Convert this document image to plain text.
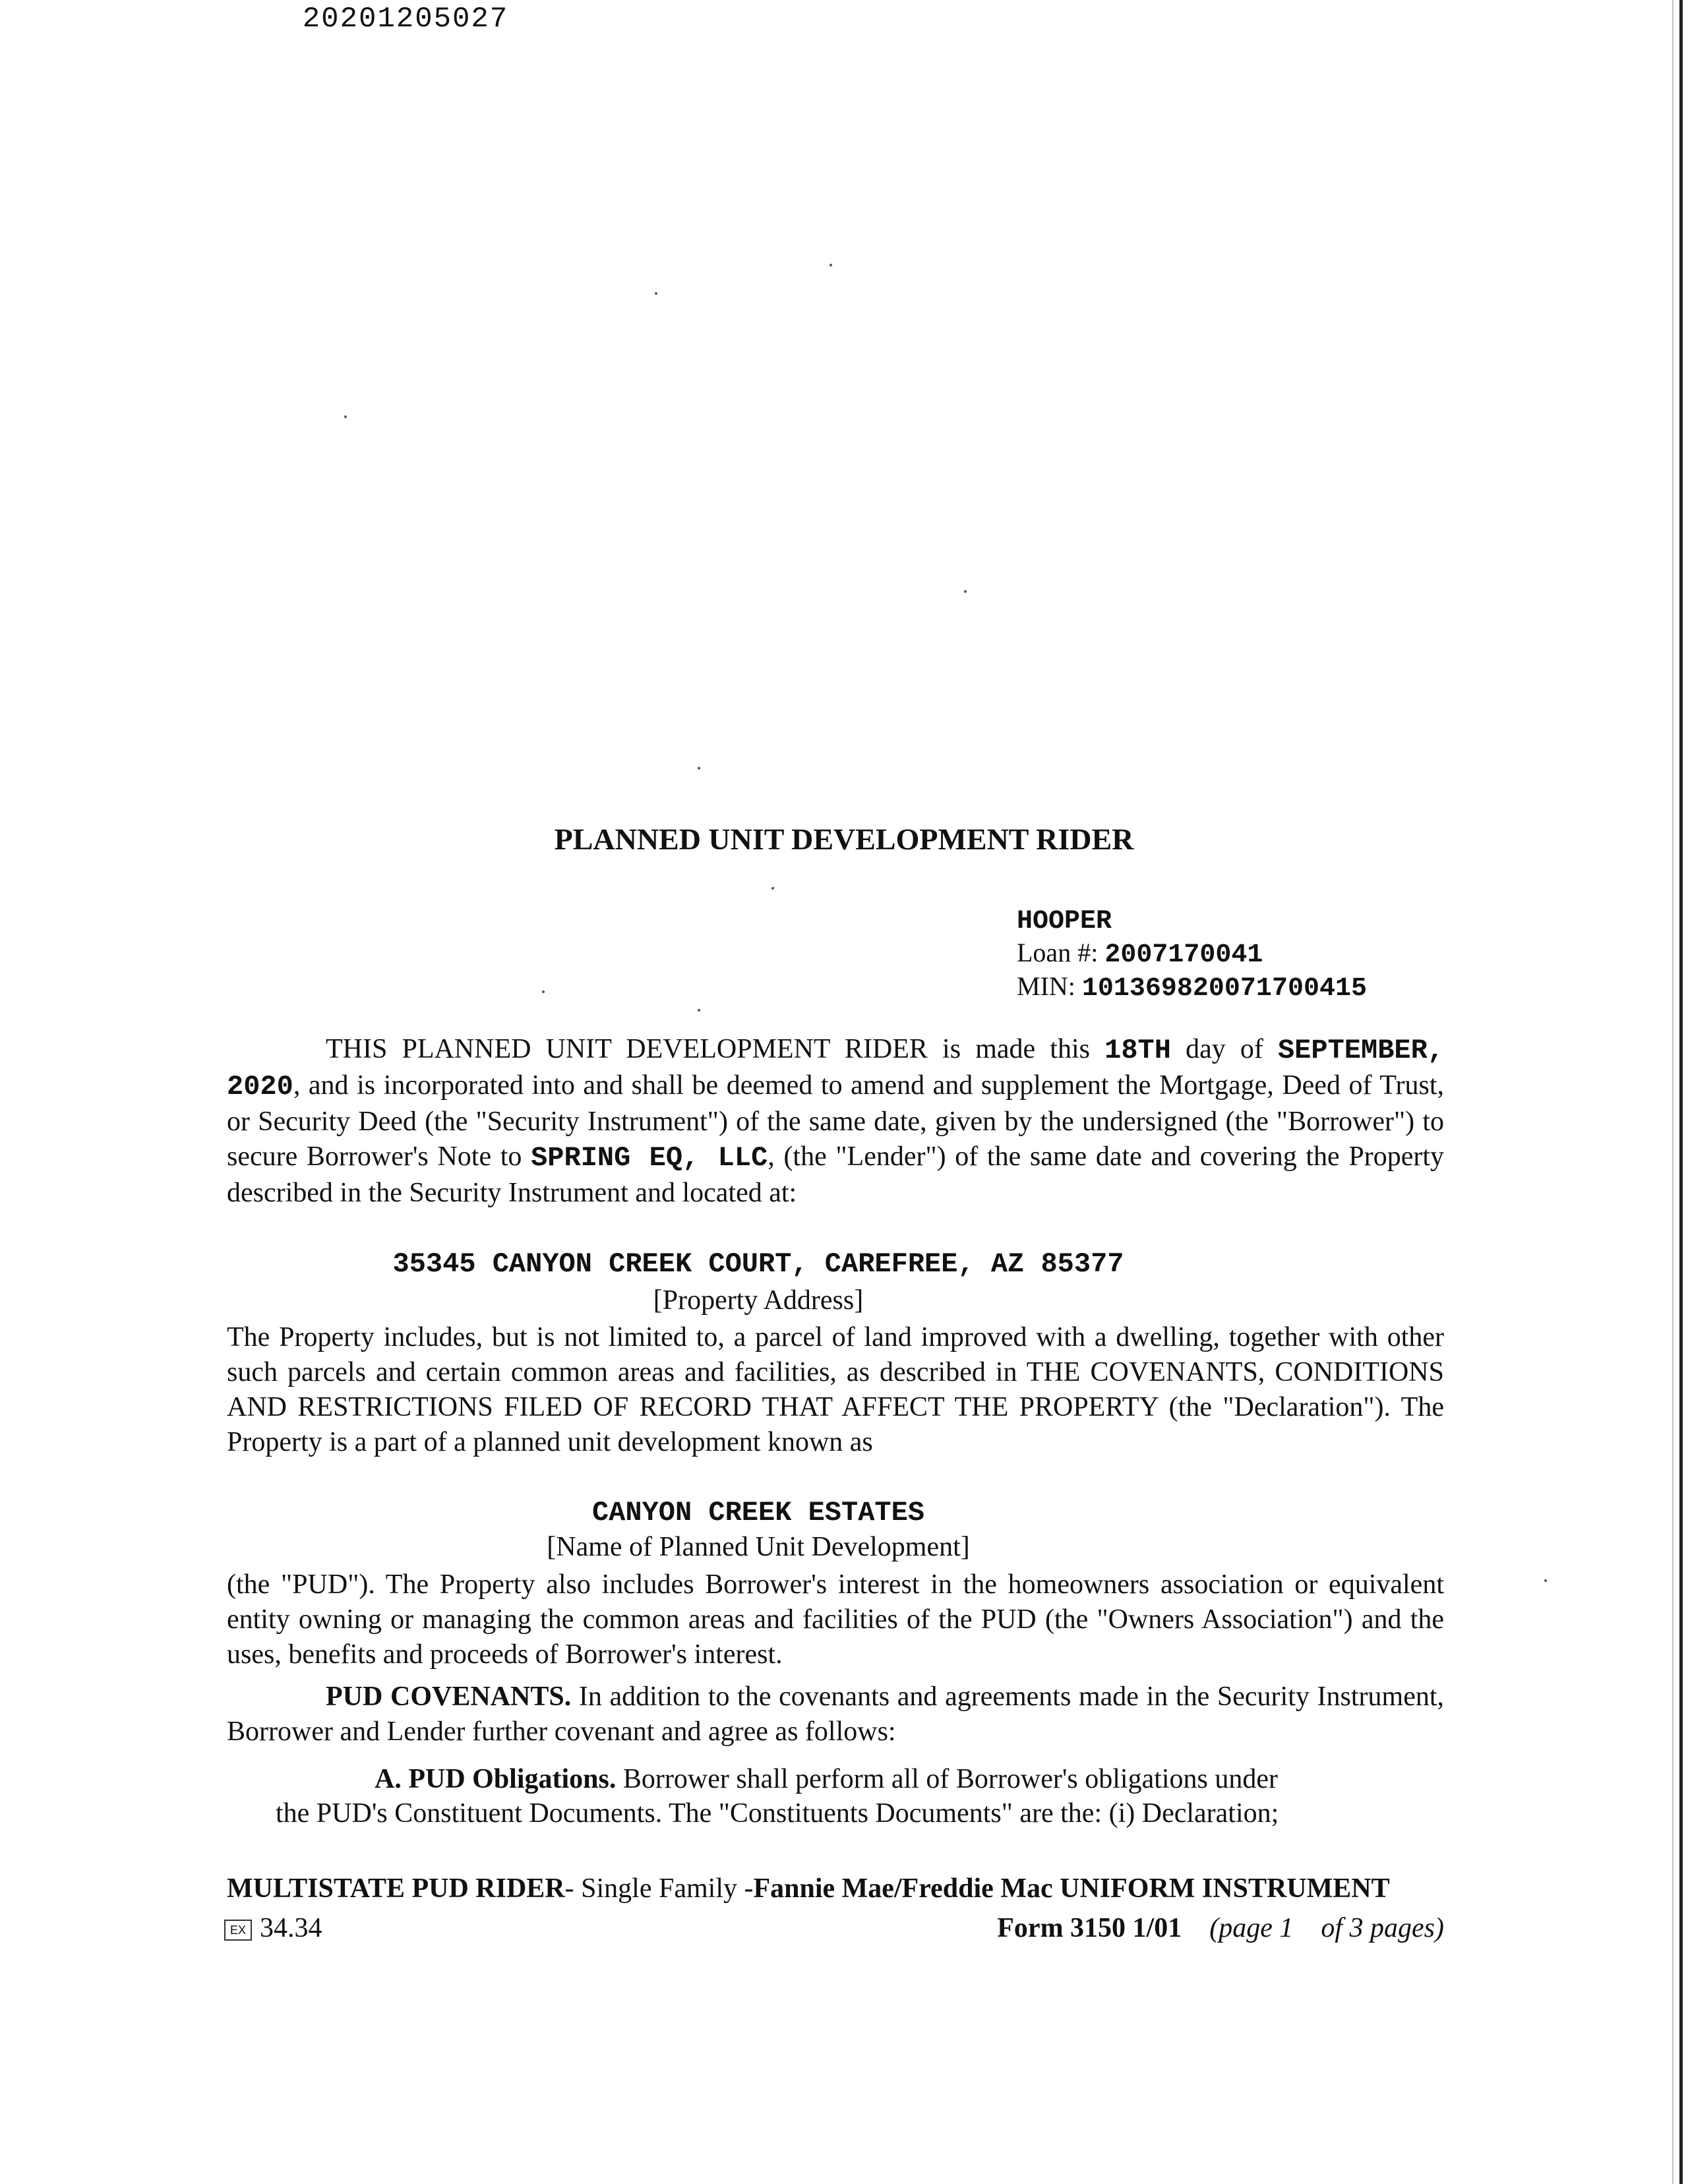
20201205027
PLANNED UNIT DEVELOPMENT RIDER
HOOPER
Loan #: 2007170041
MIN: 101369820071700415
THIS PLANNED UNIT DEVELOPMENT RIDER is made this 18TH day of SEPTEMBER, 2020, and is incorporated into and shall be deemed to amend and supplement the Mortgage, Deed of Trust, or Security Deed (the "Security Instrument") of the same date, given by the undersigned (the "Borrower") to secure Borrower's Note to SPRING EQ, LLC, (the "Lender") of the same date and covering the Property described in the Security Instrument and located at:
35345 CANYON CREEK COURT, CAREFREE, AZ 85377
[Property Address]
The Property includes, but is not limited to, a parcel of land improved with a dwelling, together with other such parcels and certain common areas and facilities, as described in THE COVENANTS, CONDITIONS AND RESTRICTIONS FILED OF RECORD THAT AFFECT THE PROPERTY (the "Declaration"). The Property is a part of a planned unit development known as
CANYON CREEK ESTATES
[Name of Planned Unit Development]
(the "PUD"). The Property also includes Borrower's interest in the homeowners association or equivalent entity owning or managing the common areas and facilities of the PUD (the "Owners Association") and the uses, benefits and proceeds of Borrower's interest.
PUD COVENANTS. In addition to the covenants and agreements made in the Security Instrument, Borrower and Lender further covenant and agree as follows:
A. PUD Obligations. Borrower shall perform all of Borrower's obligations under
the PUD's Constituent Documents. The "Constituents Documents" are the: (i) Declaration;
MULTISTATE PUD RIDER- Single Family -Fannie Mae/Freddie Mac UNIFORM INSTRUMENT
EX 34.34	Form 3150 1/01 (page 1    of 3 pages)
